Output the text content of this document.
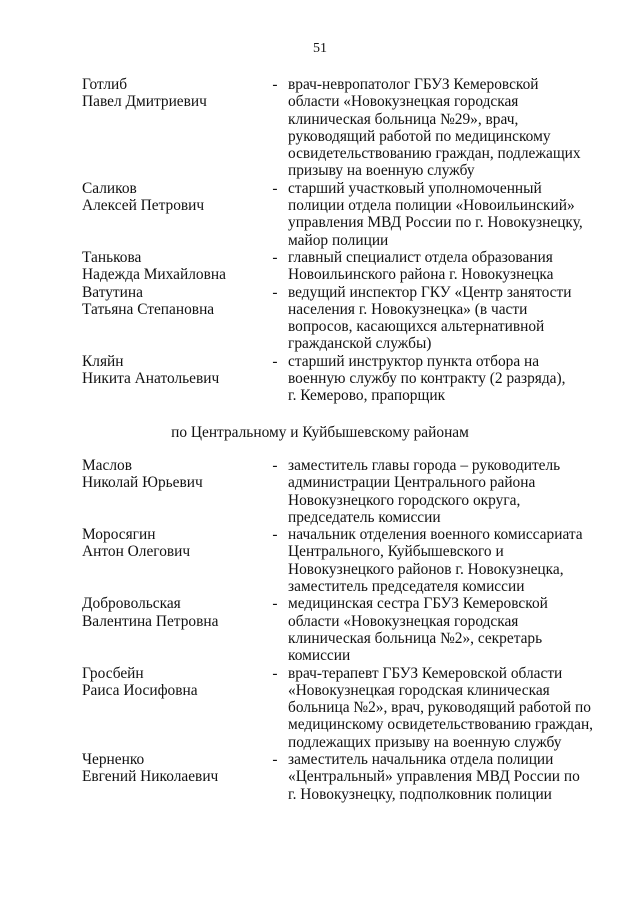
51
Готлиб
Павел Дмитриевич
- врач-невропатолог ГБУЗ Кемеровской
области «Новокузнецкая городская
клиническая больница №29», врач,
руководящий работой по медицинскому
освидетельствованию граждан, подлежащих
призыву на военную службу
Саликов
Алексей Петрович
- старший участковый уполномоченный
полиции отдела полиции «Новоильинский»
управления МВД России по г. Новокузнецку,
майор полиции
Танькова
Надежда Михайловна
- главный специалист отдела образования
Новоильинского района г. Новокузнецка
Ватутина
Татьяна Степановна
- ведущий инспектор ГКУ «Центр занятости
населения г. Новокузнецка» (в части
вопросов, касающихся альтернативной
гражданской службы)
Кляйн
Никита Анатольевич
- старший инструктор пункта отбора на
военную службу по контракту (2 разряда),
г. Кемерово, прапорщик
по Центральному и Куйбышевскому районам
Маслов
Николай Юрьевич
- заместитель главы города – руководитель
администрации Центрального района
Новокузнецкого городского округа,
председатель комиссии
Моросягин
Антон Олегович
- начальник отделения военного комиссариата
Центрального, Куйбышевского и
Новокузнецкого районов г. Новокузнецка,
заместитель председателя комиссии
Добровольская
Валентина Петровна
- медицинская сестра ГБУЗ Кемеровской
области «Новокузнецкая городская
клиническая больница №2», секретарь
комиссии
Гросбейн
Раиса Иосифовна
- врач-терапевт ГБУЗ Кемеровской области
«Новокузнецкая городская клиническая
больница №2», врач, руководящий работой по
медицинскому освидетельствованию граждан,
подлежащих призыву на военную службу
Черненко
Евгений Николаевич
- заместитель начальника отдела полиции
«Центральный» управления МВД России по
г. Новокузнецку, подполковник полиции
